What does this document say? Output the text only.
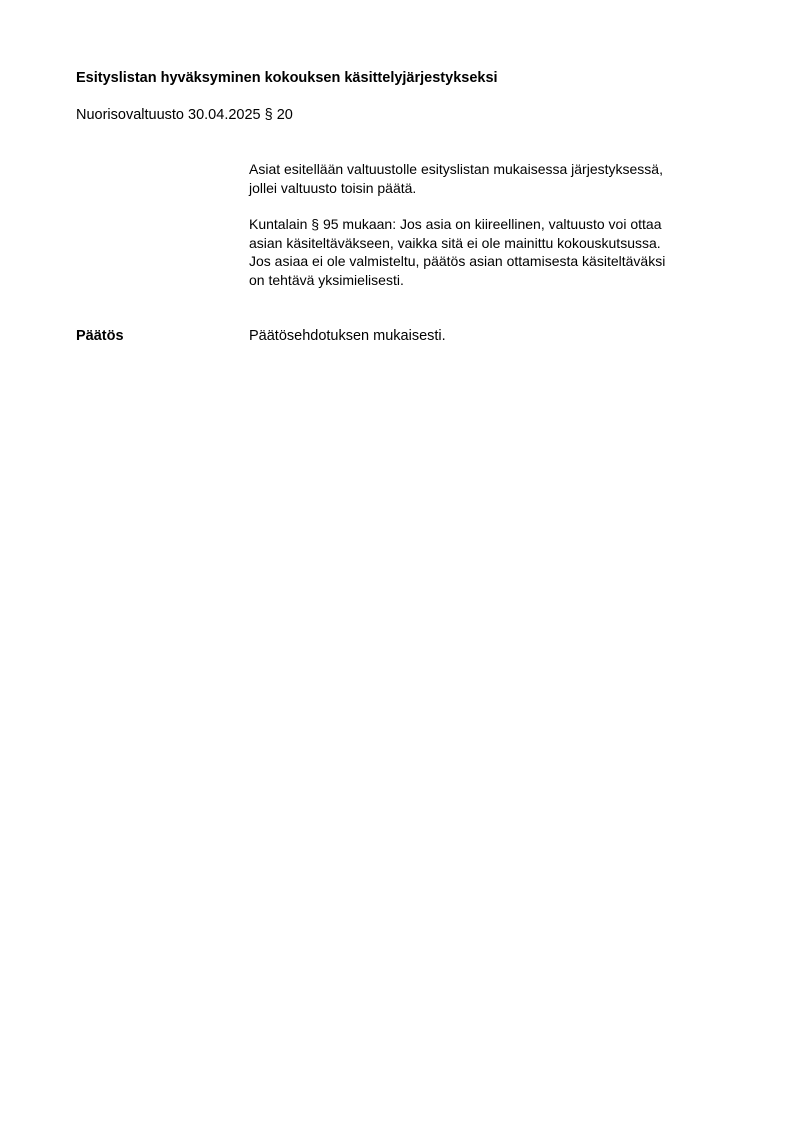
Esityslistan hyväksyminen kokouksen käsittelyjärjestykseksi
Nuorisovaltuusto 30.04.2025 § 20
Asiat esitellään valtuustolle esityslistan mukaisessa järjestyksessä,
jollei valtuusto toisin päätä.
Kuntalain § 95 mukaan: Jos asia on kiireellinen, valtuusto voi ottaa
asian käsiteltäväkseen, vaikka sitä ei ole mainittu kokouskutsussa.
Jos asiaa ei ole valmisteltu, päätös asian ottamisesta käsiteltäväksi
on tehtävä yksimielisesti.
Päätös	Päätösehdotuksen mukaisesti.
